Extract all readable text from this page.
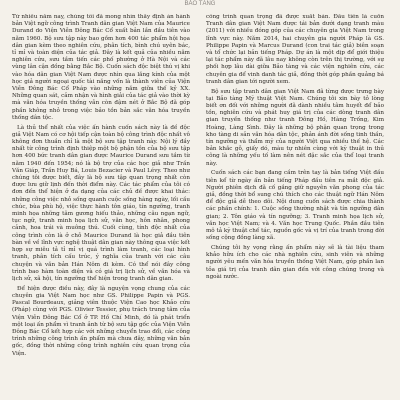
BẢO TÀNG

Từ nhiều năm nay, chúng tôi đã mong nhìn thấy định án hành bản Việt ngữ công trình Tranh dân gian Việt Nam của Maurice Durand do Viện Viễn Đông Bác Cổ xuất bản lần đầu tiên vào năm 1960. Bộ sưu tập này bao gồm hơn 400 tác phẩm hội họa dân gian kèm theo nghiên cứu, phân tích, bình chú uyên bác, tỉ mỉ và toàn diện của tác giả. Đây là kết quả của nhiều năm nghiên cứu, sưu tầm tiến các phố phường ở Hà Nội và các vùng lân cận đồng bằng Bắc Bộ. Cuốn sách độc biệt thú vị khi vào hóa dân gian Việt Nam được nhìn qua lăng kính của một học giả người ngoại quốc tài năng vốn là thành viên của Viện Viễn Đông Bác Cổ Pháp vào những năm giữa thế kỷ XX. Những quan sát, cảm nhận và hình giải của tác giả vào thời kỳ mà văn hóa truyền thống vẫn còn đậm nét ở Bắc Bộ đã góp phần không nhỏ trong việc bảo tồn bản sắc văn hóa truyền thống dân tộc.

Là thủ thể nhất của việc ấn hành cuốn sách này là đề độc giả Việt Nam có cơ hội tiếp cận toàn bộ công trình độc nhất vô không đơn thuần chỉ là một bộ sưu tập tranh này. Nội lý đầy nhất từ công trình định thiệp một bộ phận tồn của bộ sưu tập hơn 400 bức tranh dân gian được Maurice Durand sưu tầm từ năm 1940 đến 1954; nó là bộ trợ của các học giả như Trần Văn Giáp, Trần Huy Bá, Louis Bezacier và Paul Lévy. Theo như chúng tôi được biết, đây là bộ sưu tập quan trọng nhất còn được lưu giữ lịnh đến thời điểm này. Các tác phẩm của tôi có đơn đến thể hiện ở đa dạng của các chủ đề được khai thác: những công việc nhỏ sống quanh cuộc sống hàng ngày, lối cầu chúc, bùa phù hộ, việc thực hành tôn giáo, tín ngưỡng, tranh minh họa những tâm gương hiếu thảo, những câu ngạn ngữ, tục ngữ, tranh minh họa lịch sử, văn học, hôn nhân, phong cảnh, hoa trái và muông thú. Cuối cùng, tính độc nhất của công trình còn là ở chỗ Maurice Durand là học giả đầu tiên bàn về về lĩnh vực nghệ thuật dân gian này thông qua việc kết hợp sự miêu tả tỉ mỉ vị quá trình làm tranh, các loại hình tranh, phân tích cấu trúc, ý nghĩa của tranh với các câu chuyện và văn bản Hán Nôm đi kèm. Có thể nói đây công trình bao hàm toàn diện và có giá trị lịch sử, về văn hóa và lịch sử, xã hội, tín ngưỡng thể hiện trong tranh dân gian.

Để hiện được điều này, đây là nguyện vọng chung của các chuyên gia Việt Nam học như GS. Philippe Papin và PGS. Pascal Bourdeaux, giảng viên thuộc Viện Cao học Khảo cứu (Pháp) cùng với PGS. Olivier Tessier, phụ trách trung tâm của Viện Viễn Đông Bác Cổ ở TP. Hồ Chí Minh, đó là phát triển một loại ấn phẩm vì tranh ảnh từ bộ sưu tập gốc của Viện Viễn Đông Bác Cổ kết hợp các với những chuyển trao đổi, các công trình những công trình ấn phẩm mà chưa đây, những văn bản gốc, đồng thời những công trình nghiên cứu quan trọng của Viện.

công trình quan trọng đã được xuất bản. Đầu tiên là cuốn Tranh dân gian Việt Nam được tái bản dưới dạng tranh màu (2011) với nhiều đóng góp của các chuyên gia Việt Nam trong lĩnh vực này. Năm 2014, hai chuyên gia người Pháp là GS. Philippe Papin và Marcus Durand (con trai tác giả) biên soạn và tổ chức lại bản tiếng Pháp. Dự án là một dịp để giới thiệu lại tác phẩm này đã lâu nay không còn trên thị trường, với sự phối hợp lâu dài giữa Bảo tàng và các viện nghiên cứu, các chuyên gia để vinh danh tác giả, đồng thời góp phần quảng bá tranh dân gian tới người xem.

Bộ sưu tập tranh dân gian Việt Nam đã từng được trưng bày tại Bảo tàng Mỹ thuật Việt Nam. Chúng tôi xin bày tỏ lòng biết ơn đối với những người đã dành nhiều tâm huyết để bảo tồn, nghiên cứu và phát huy giá trị của các dòng tranh dân gian truyền thống như tranh Đông Hồ, Hàng Trống, Kim Hoàng, Làng Sình. Đây là những bộ phận quan trọng trong kho tàng di sản văn hóa dân tộc, phản ánh đời sống tinh thần, tín ngưỡng và thẩm mỹ của người Việt qua nhiều thế hệ. Các bản khắc gỗ, giấy dó, màu tự nhiên cùng với kỹ thuật in thủ công là những yếu tố làm nên nét đặc sắc của thể loại tranh này.

Cuốn sách các bạn đang cầm trên tay là bản tiếng Việt đầu tiên kể từ ngày ấn bản tiếng Pháp đầu tiên ra mắt độc giả. Người phiên dịch đã cố gắng giữ nguyên văn phong của tác giả, đồng thời bổ sung chú thích cho các thuật ngữ Hán Nôm để độc giả dễ theo dõi. Nội dung cuốn sách được chia thành các phần chính: 1. Cuộc sống thường nhật và tín ngưỡng dân gian; 2. Tôn giáo và tín ngưỡng; 3. Tranh minh họa lịch sử, văn học Việt Nam; và 4. Văn học Trung Quốc. Phần đầu tiên mô tả kỹ thuật chế tác, nguồn gốc và vị trí của tranh trong đời sống cộng đồng làng xã.

Chúng tôi hy vọng rằng ấn phẩm này sẽ là tài liệu tham khảo hữu ích cho các nhà nghiên cứu, sinh viên và những người yêu mến văn hóa truyền thống Việt Nam, góp phần lan tỏa giá trị của tranh dân gian đến với công chúng trong và ngoài nước.
